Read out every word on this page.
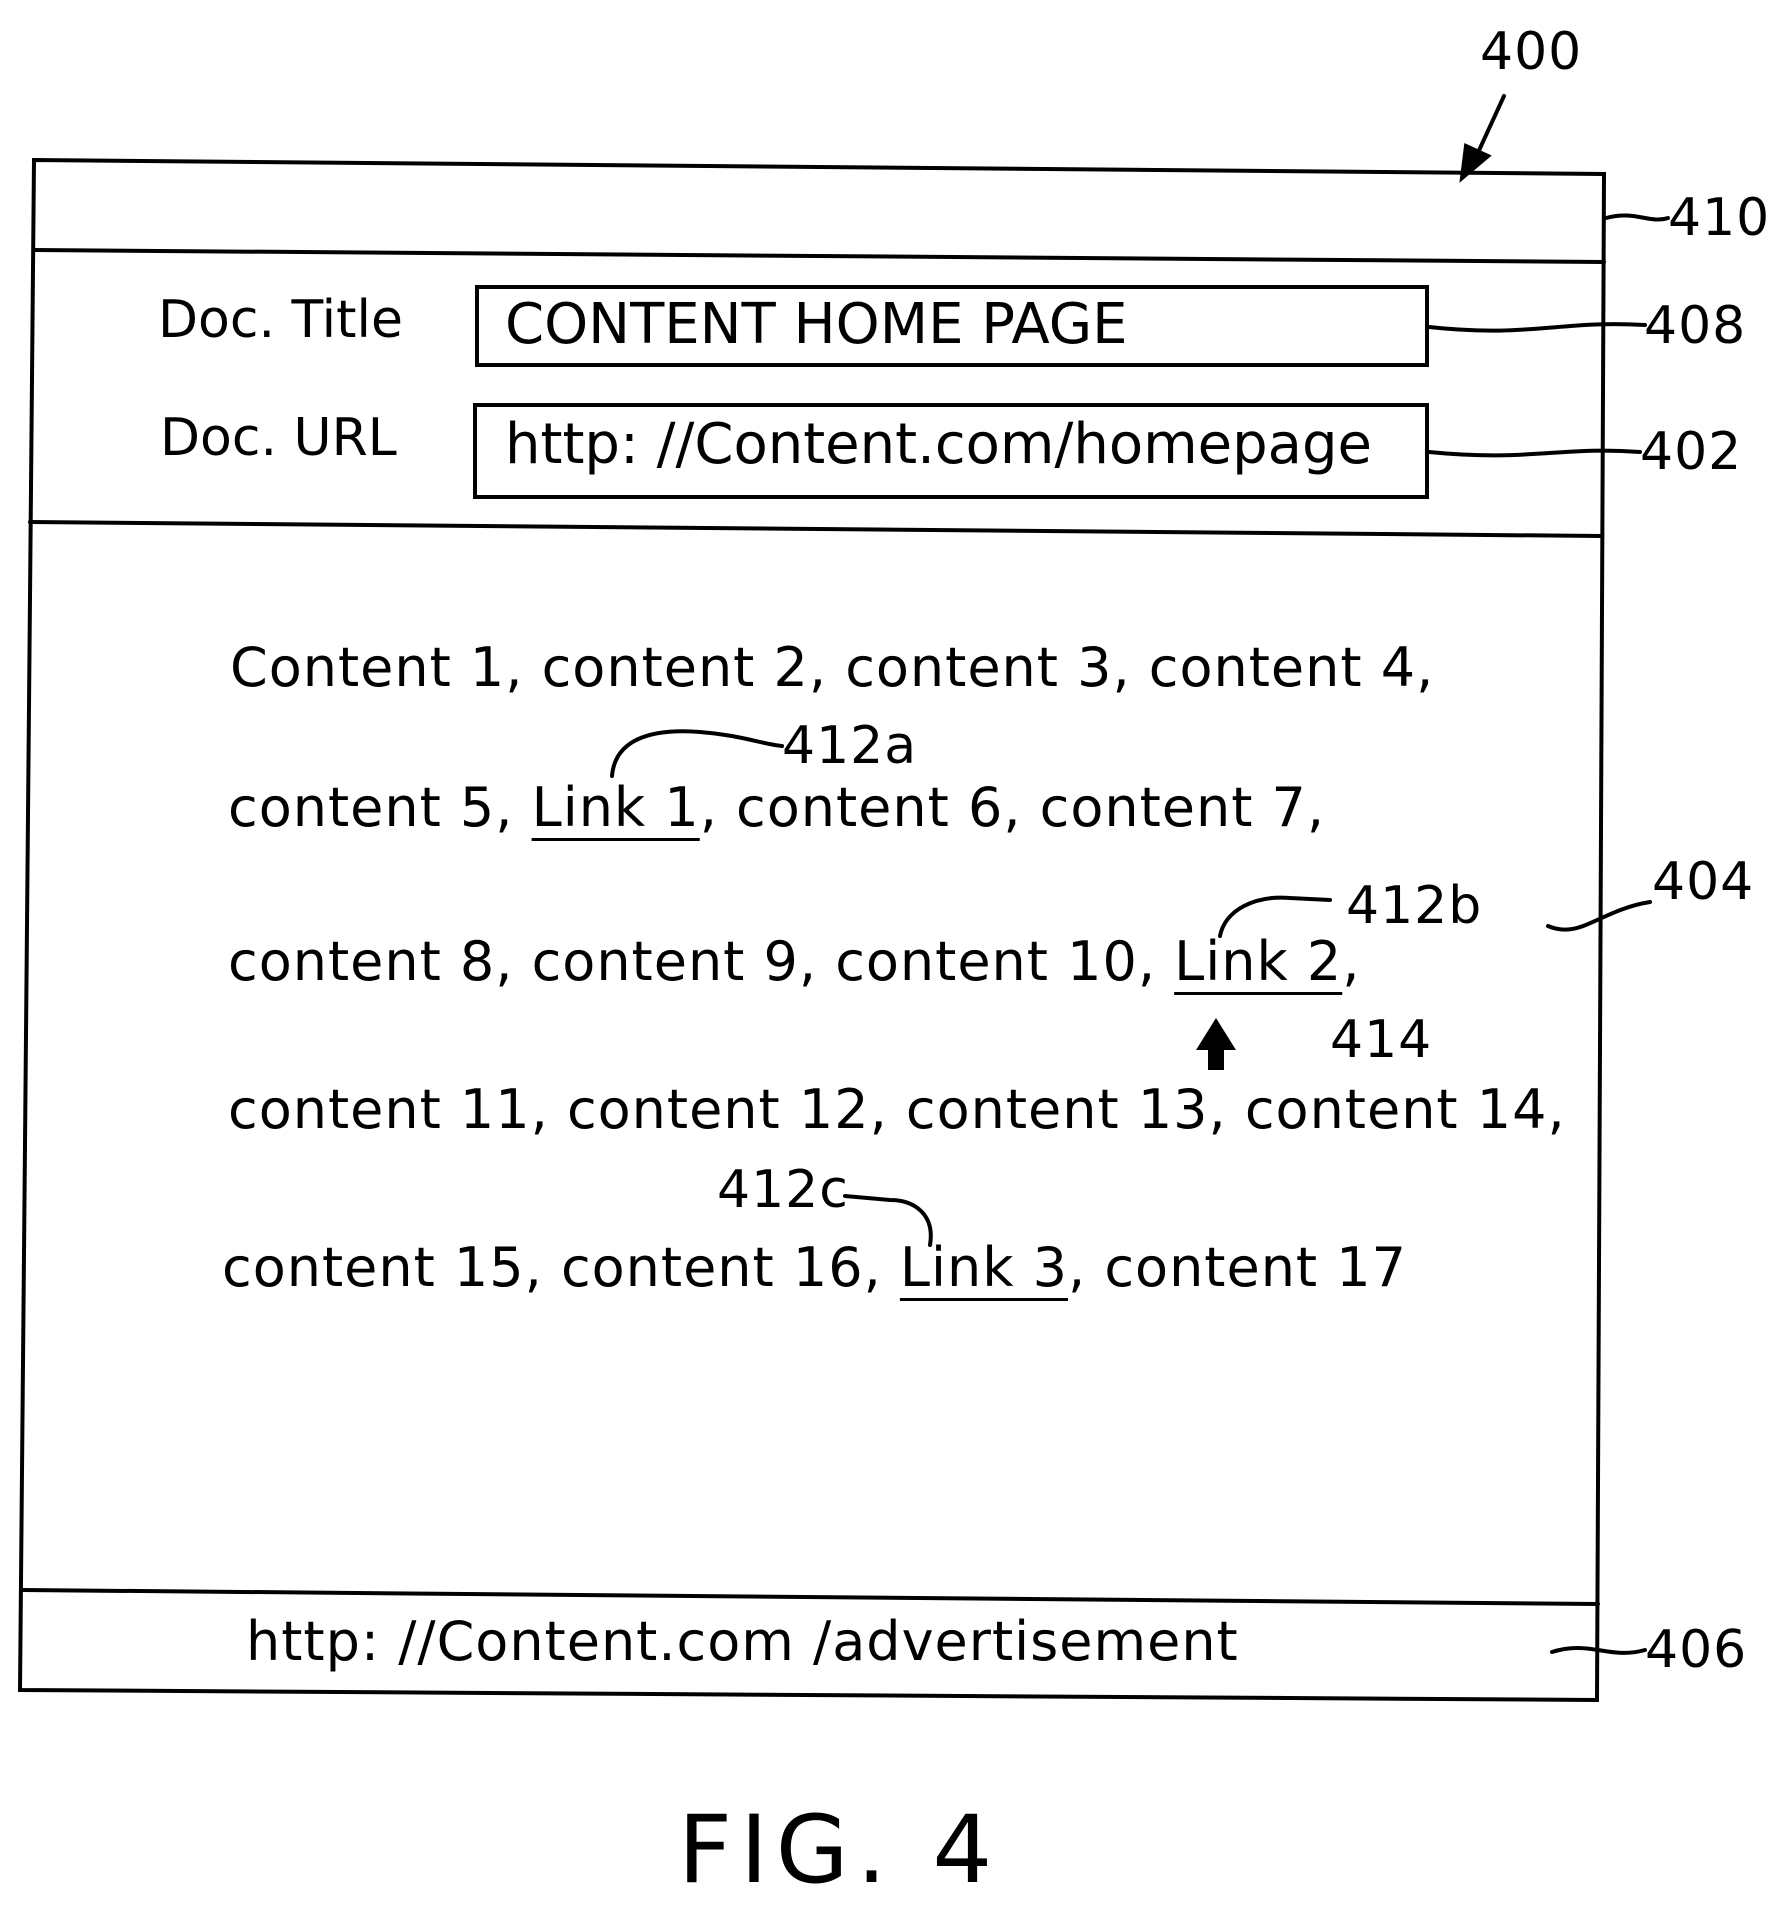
400
410
408
402
404
406
412a
412b
412c
414
Doc. Title
Doc. URL
CONTENT HOME PAGE
http: //Content.com/homepage
Content 1, content 2, content 3, content 4,
content 5, Link 1, content 6, content 7,
content 8, content 9, content 10, Link 2,
content 11, content 12, content 13, content 14,
content 15, content 16, Link 3, content 17
http: //Content.com /advertisement
FIG. 4
